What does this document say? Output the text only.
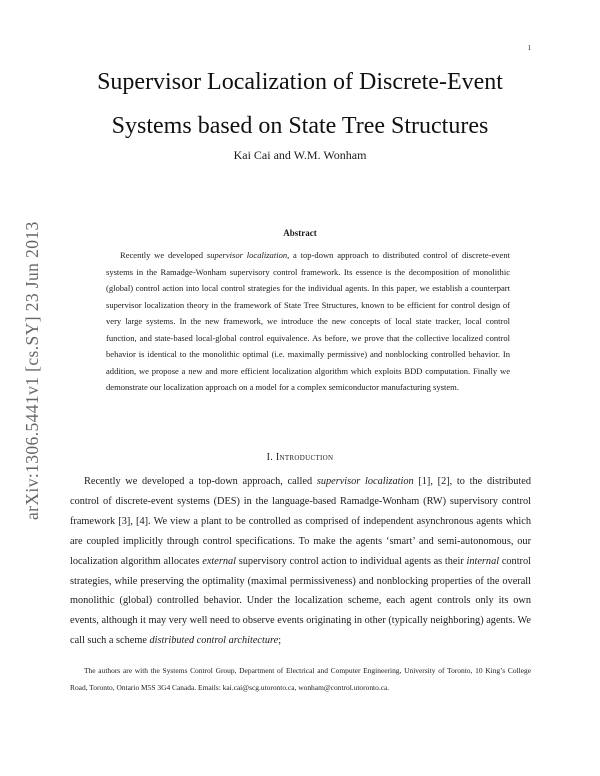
1

arXiv:1306.5441v1 [cs.SY] 23 Jun 2013
Supervisor Localization of Discrete-Event
Systems based on State Tree Structures

Kai Cai and W.M. Wonham

Abstract

Recently we developed supervisor localization, a top-down approach to distributed control of discrete-event systems in the Ramadge-Wonham supervisory control framework. Its essence is the decomposition of monolithic (global) control action into local control strategies for the individual agents. In this paper, we establish a counterpart supervisor localization theory in the framework of State Tree Structures, known to be efficient for control design of very large systems. In the new framework, we introduce the new concepts of local state tracker, local control function, and state-based local-global control equivalence. As before, we prove that the collective localized control behavior is identical to the monolithic optimal (i.e. maximally permissive) and nonblocking controlled behavior. In addition, we propose a new and more efficient localization algorithm which exploits BDD computation. Finally we demonstrate our localization approach on a model for a complex semiconductor manufacturing system.

I. Introduction

Recently we developed a top-down approach, called supervisor localization [1], [2], to the distributed control of discrete-event systems (DES) in the language-based Ramadge-Wonham (RW) supervisory control framework [3], [4]. We view a plant to be controlled as comprised of independent asynchronous agents which are coupled implicitly through control specifications. To make the agents ‘smart’ and semi-autonomous, our localization algorithm allocates external supervisory control action to individual agents as their internal control strategies, while preserving the optimality (maximal permissiveness) and nonblocking properties of the overall monolithic (global) controlled behavior. Under the localization scheme, each agent controls only its own events, although it may very well need to observe events originating in other (typically neighboring) agents. We call such a scheme distributed control architecture;

The authors are with the Systems Control Group, Department of Electrical and Computer Engineering, University of Toronto, 10 King’s College Road, Toronto, Ontario M5S 3G4 Canada. Emails: kai.cai@scg.utoronto.ca, wonham@control.utoronto.ca.
